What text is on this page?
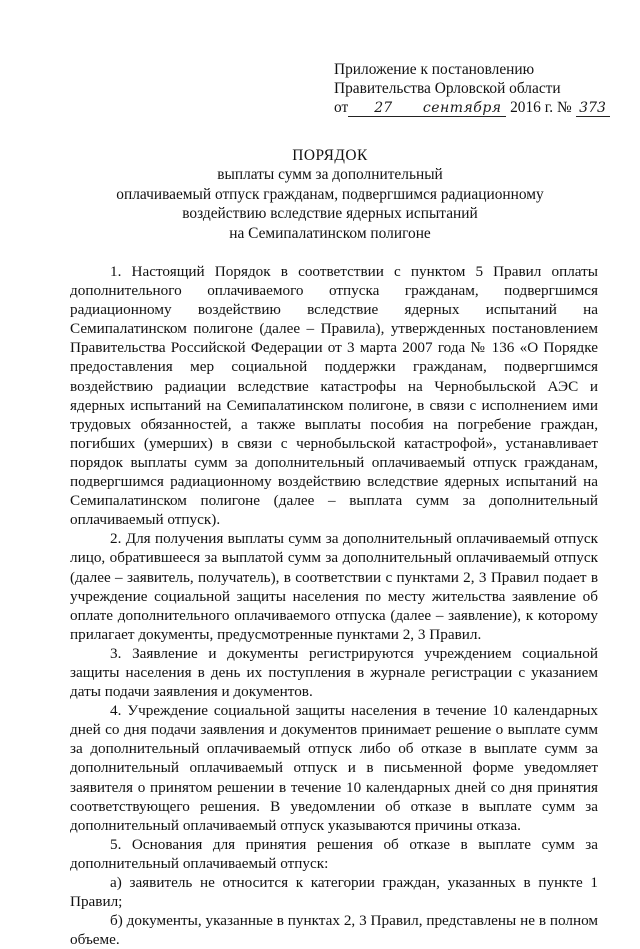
Приложение к постановлению
Правительства Орловской области
от 27 сентября 2016 г. № 373
ПОРЯДОК
выплаты сумм за дополнительный
оплачиваемый отпуск гражданам, подвергшимся радиационному
воздействию вследствие ядерных испытаний
на Семипалатинском полигоне

1. Настоящий Порядок в соответствии с пунктом 5 Правил оплаты дополнительного оплачиваемого отпуска гражданам, подвергшимся радиационному воздействию вследствие ядерных испытаний на Семипалатинском полигоне (далее – Правила), утвержденных постановлением Правительства Российской Федерации от 3 марта 2007 года № 136 «О Порядке предоставления мер социальной поддержки гражданам, подвергшимся воздействию радиации вследствие катастрофы на Чернобыльской АЭС и ядерных испытаний на Семипалатинском полигоне, в связи с исполнением ими трудовых обязанностей, а также выплаты пособия на погребение граждан, погибших (умерших) в связи с чернобыльской катастрофой», устанавливает порядок выплаты сумм за дополнительный оплачиваемый отпуск гражданам, подвергшимся радиационному воздействию вследствие ядерных испытаний на Семипалатинском полигоне (далее – выплата сумм за дополнительный оплачиваемый отпуск).

2. Для получения выплаты сумм за дополнительный оплачиваемый отпуск лицо, обратившееся за выплатой сумм за дополнительный оплачиваемый отпуск (далее – заявитель, получатель), в соответствии с пунктами 2, 3 Правил подает в учреждение социальной защиты населения по месту жительства заявление об оплате дополнительного оплачиваемого отпуска (далее – заявление), к которому прилагает документы, предусмотренные пунктами 2, 3 Правил.

3. Заявление и документы регистрируются учреждением социальной защиты населения в день их поступления в журнале регистрации с указанием даты подачи заявления и документов.

4. Учреждение социальной защиты населения в течение 10 календарных дней со дня подачи заявления и документов принимает решение о выплате сумм за дополнительный оплачиваемый отпуск либо об отказе в выплате сумм за дополнительный оплачиваемый отпуск и в письменной форме уведомляет заявителя о принятом решении в течение 10 календарных дней со дня принятия соответствующего решения. В уведомлении об отказе в выплате сумм за дополнительный оплачиваемый отпуск указываются причины отказа.

5. Основания для принятия решения об отказе в выплате сумм за дополнительный оплачиваемый отпуск:

а) заявитель не относится к категории граждан, указанных в пункте 1 Правил;

б) документы, указанные в пунктах 2, 3 Правил, представлены не в полном объеме.
